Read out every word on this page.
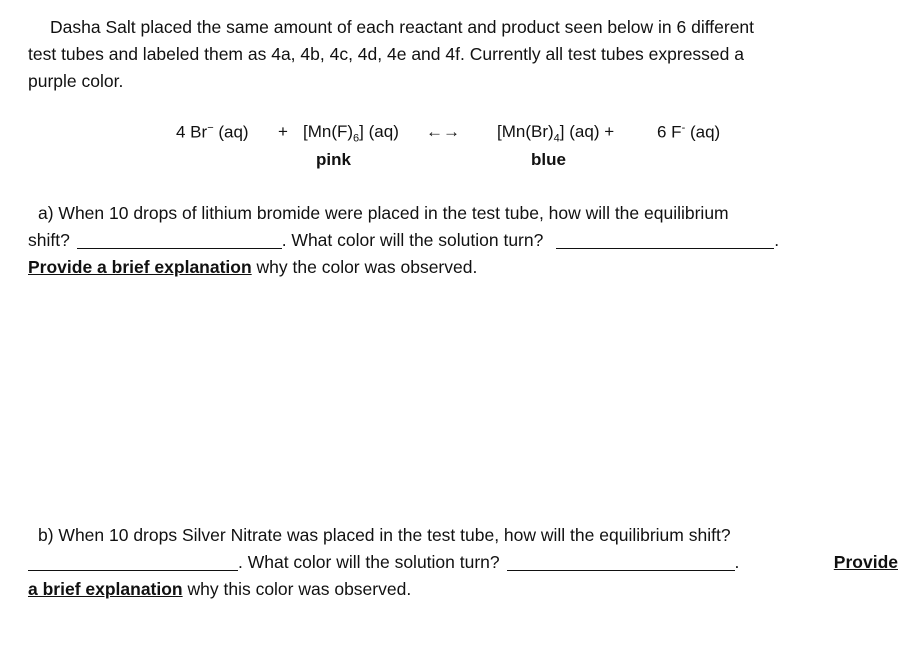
Dasha Salt placed the same amount of each reactant and product seen below in 6 different
test tubes and labeled them as 4a, 4b, 4c, 4d, 4e and 4f. Currently all test tubes expressed a
purple color.
4 Br− $(aq) + [Mn(F)_6]$ (aq) ←→ $[Mn(Br)_4] (aq)$ +	6 F- (aq)
pink	blue
a) When 10 drops of lithium bromide were placed in the test tube, how will the equilibrium
shift?	. What color will the solution turn?	.
Provide a brief explanation why the color was observed.
b) When 10 drops Silver Nitrate was placed in the test tube, how will the equilibrium shift?
. What color will the solution turn?	.	Provide
a brief explanation why this color was observed.
